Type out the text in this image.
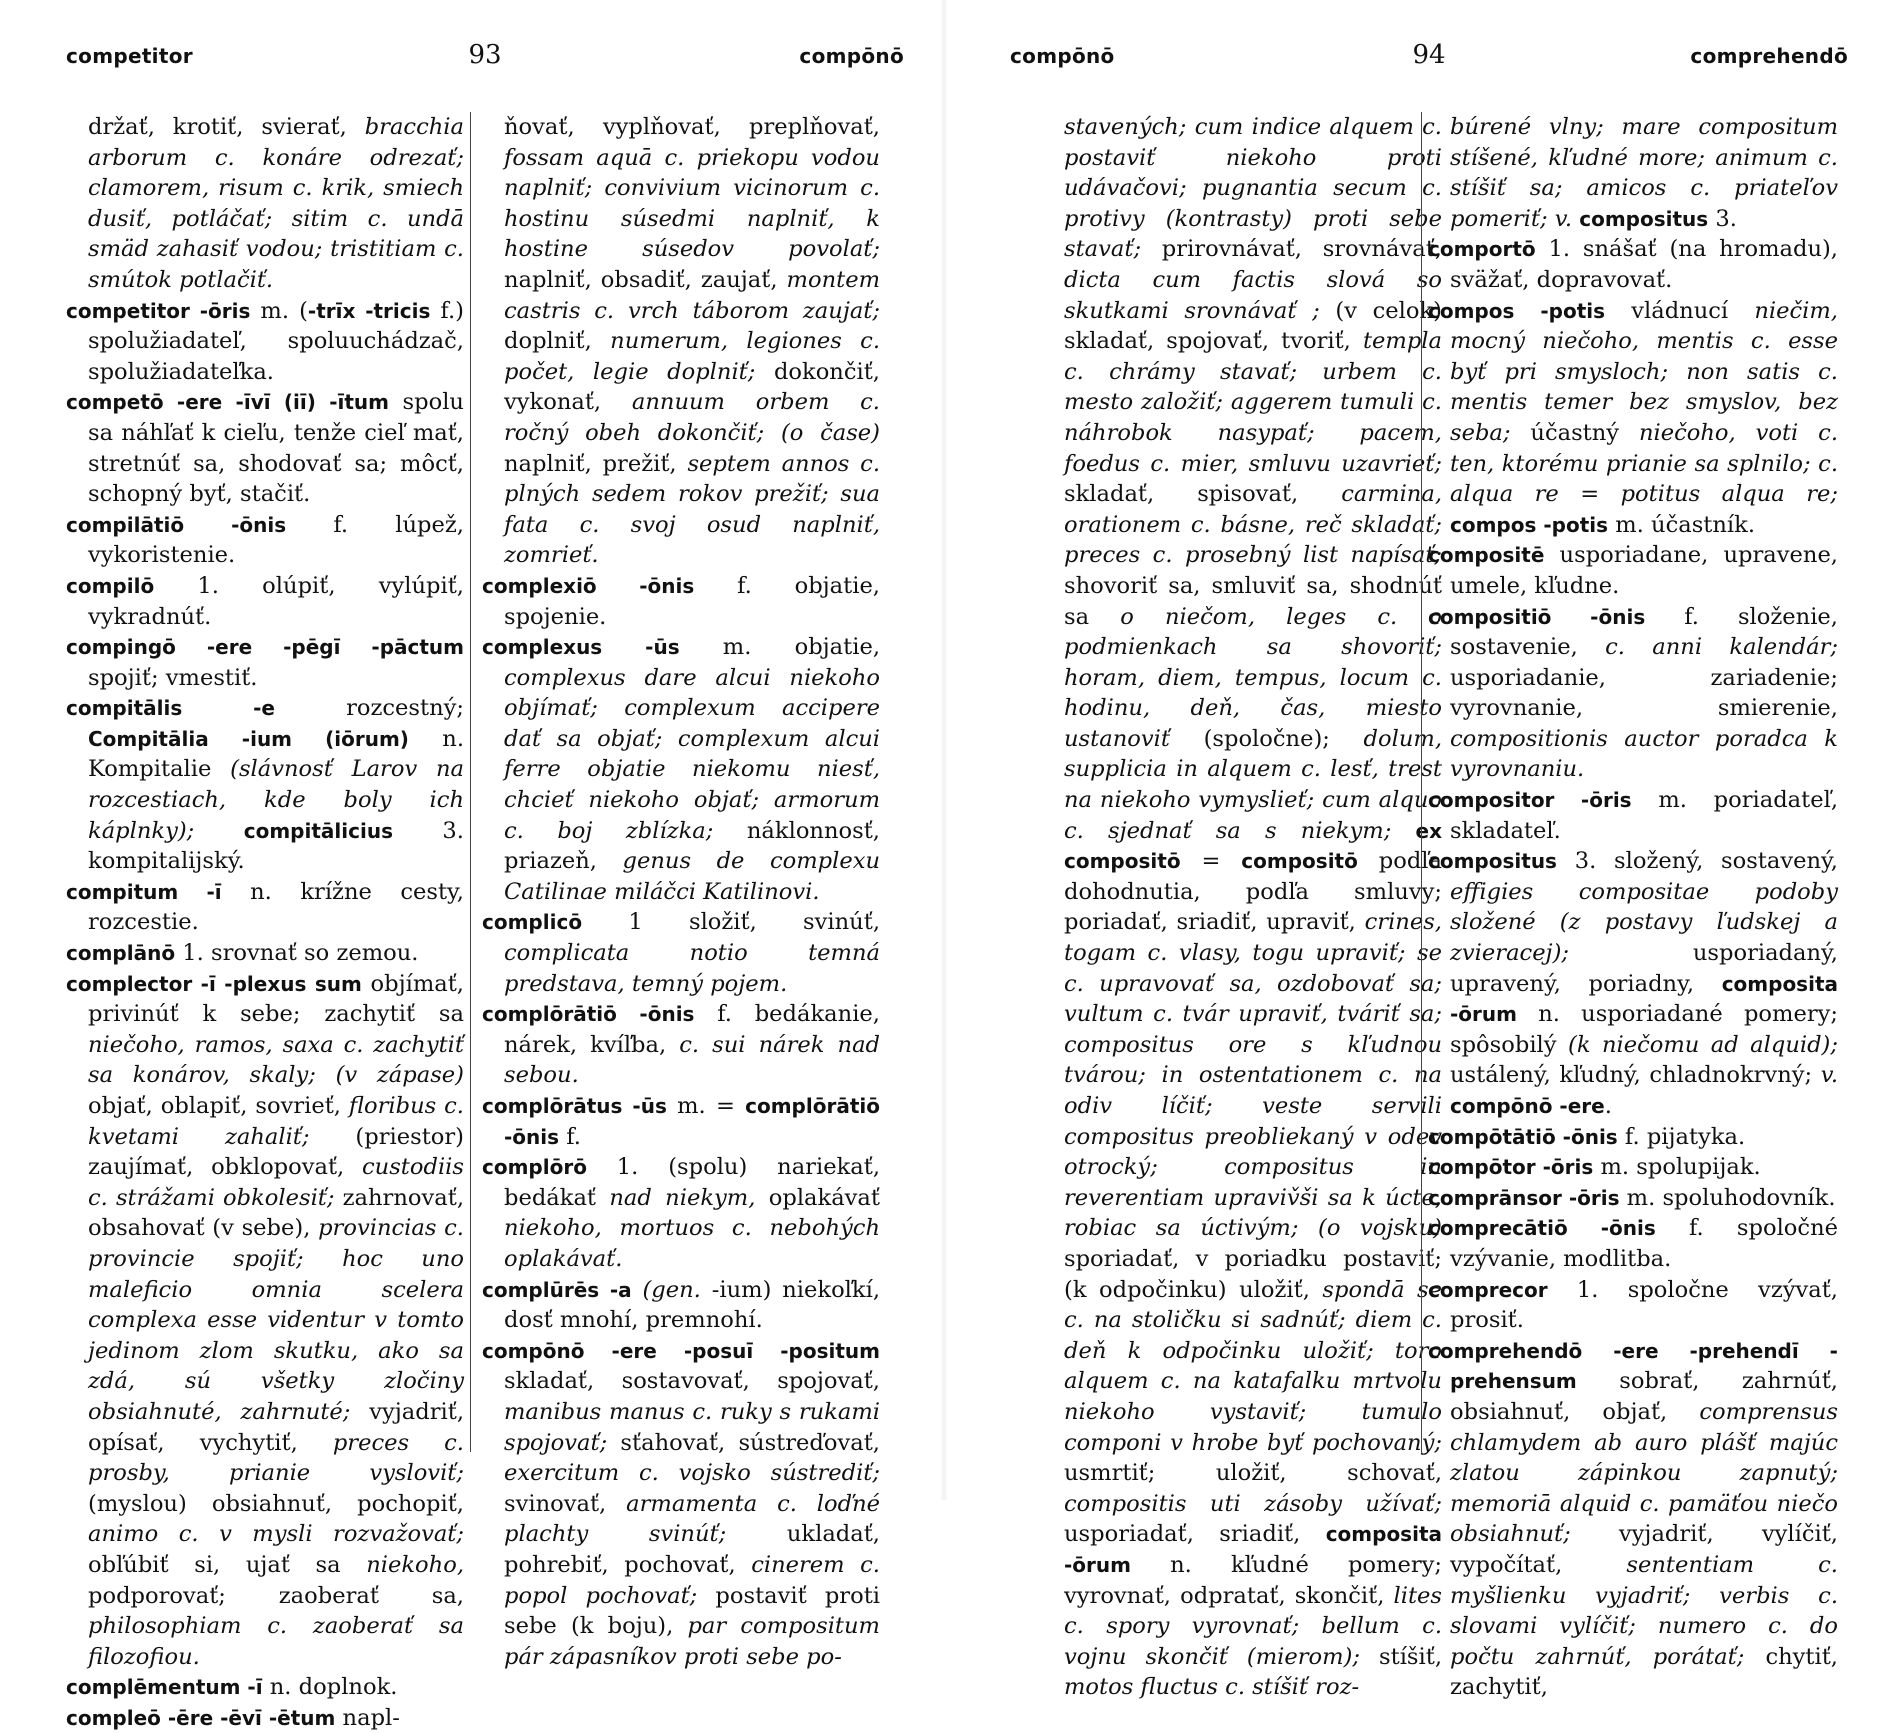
competitor	93	compōnō

držať, krotiť, svierať, bracchia arborum c. konáre odrezať; clamorem, risum c. krik, smiech dusiť, potláčať; sitim c. undā smäd zahasiť vodou; tristitiam c. smútok potlačiť.

competitor -ōris m. (-trīx -tricis f.) spolužiadateľ, spoluuchádzač, spolužiadateľka.

competō -ere -īvī (iī) -ītum spolu sa náhľať k cieľu, tenže cieľ mať, stretnúť sa, shodovať sa; môcť, schopný byť, stačiť.

compilātiō -ōnis f. lúpež, vykoristenie.

compilō 1. olúpiť, vylúpiť, vykradnúť.

compingō -ere -pēgī -pāctum spojiť; vmestiť.

compitālis -e rozcestný; Compitālia -ium (iōrum) n. Kompitalie (slávnosť Larov na rozcestiach, kde boly ich káplnky); compitālicius 3. kompitalijský.

compitum -ī n. krížne cesty, rozcestie.

complānō 1. srovnať so zemou.

complector -ī -plexus sum objímať, privinúť k sebe; zachytiť sa niečoho, ramos, saxa c. zachytiť sa konárov, skaly; (v zápase) objať, oblapiť, sovrieť, floribus c. kvetami zahaliť; (priestor) zaujímať, obklopovať, custodiis c. strážami obkolesiť; zahrnovať, obsahovať (v sebe), provincias c. provincie spojiť; hoc uno maleficio omnia scelera complexa esse videntur v tomto jedinom zlom skutku, ako sa zdá, sú všetky zločiny obsiahnuté, zahrnuté; vyjadriť, opísať, vychytiť, preces c. prosby, prianie vysloviť; (myslou) obsiahnuť, pochopiť, animo c. v mysli rozvažovať; obľúbiť si, ujať sa niekoho, podporovať; zaoberať sa, philosophiam c. zaoberať sa filozofiou.

complēmentum -ī n. doplnok.

compleō -ēre -ēvī -ētum napl-

ňovať, vyplňovať, preplňovať, fossam aquā c. priekopu vodou naplniť; convivium vicinorum c. hostinu súsedmi naplniť, k hostine súsedov povolať; naplniť, obsadiť, zaujať, montem castris c. vrch táborom zaujať; doplniť, numerum, legiones c. počet, legie doplniť; dokončiť, vykonať, annuum orbem c. ročný obeh dokončiť; (o čase) naplniť, prežiť, septem annos c. plných sedem rokov prežiť; sua fata c. svoj osud naplniť, zomrieť.

complexiō -ōnis f. objatie, spojenie.

complexus -ūs m. objatie, complexus dare alcui niekoho objímať; complexum accipere dať sa objať; complexum alcui ferre objatie niekomu niesť, chcieť niekoho objať; armorum c. boj zblízka; náklonnosť, priazeň, genus de complexu Catilinae miláčci Katilinovi.

complicō 1 složiť, svinúť, complicata notio temná predstava, temný pojem.

complōrātiō -ōnis f. bedákanie, nárek, kvíľba, c. sui nárek nad sebou.

complōrātus -ūs m. = complōrātiō -ōnis f.

complōrō 1. (spolu) nariekať, bedákať nad niekym, oplakávať niekoho, mortuos c. nebohých oplakávať.

complūrēs -a (gen. -ium) niekoľkí, dosť mnohí, premnohí.

compōnō -ere -posuī -positum skladať, sostavovať, spojovať, manibus manus c. ruky s rukami spojovať; sťahovať, sústreďovať, exercitum c. vojsko sústrediť; svinovať, armamenta c. loďné plachty svinúť; ukladať, pohrebiť, pochovať, cinerem c. popol pochovať; postaviť proti sebe (k boju), par compositum pár zápasníkov proti sebe po-

compōnō	94	comprehendō

stavených; cum indice alquem c. postaviť niekoho proti udávačovi; pugnantia secum c. protivy (kontrasty) proti sebe stavať; prirovnávať, srovnávať, dicta cum factis slová so skutkami srovnávať ; (v celok) skladať, spojovať, tvoriť, templa c. chrámy stavať; urbem c. mesto založiť; aggerem tumuli c. náhrobok nasypať; pacem, foedus c. mier, smluvu uzavrieť; skladať, spisovať, carmina, orationem c. básne, reč skladať; preces c. prosebný list napísať; shovoriť sa, smluviť sa, shodnúť sa o niečom, leges c. o podmienkach sa shovoriť; horam, diem, tempus, locum c. hodinu, deň, čas, miesto ustanoviť (spoločne); dolum, supplicia in alquem c. lesť, trest na niekoho vymyslieť; cum alquo c. sjednať sa s niekym; ex compositō = compositō podľa dohodnutia, podľa smluvy; poriadať, sriadiť, upraviť, crines, togam c. vlasy, togu upraviť; se c. upravovať sa, ozdobovať sa; vultum c. tvár upraviť, tváriť sa; compositus ore s kľudnou tvárou; in ostentationem c. na odiv líčiť; veste servili compositus preobliekaný v odev otrocký; compositus in reverentiam upraviv̌ši sa k úcte, robiac sa úctivým; (o vojsku) sporiadať, v poriadku postaviť; (k odpočinku) uložiť, spondā se c. na stoličku si sadnúť; diem c. deň k odpočinku uložiť; toro alquem c. na katafalku mrtvolu niekoho vystaviť; tumulo componi v hrobe byť pochovaný; usmrtiť; uložiť, schovať, compositis uti zásoby užívať; usporiadať, sriadiť, composita -ōrum n. kľudné pomery; vyrovnať, odpratať, skončiť, lites c. spory vyrovnať; bellum c. vojnu skončiť (mierom); stíšiť, motos fluctus c. stíšiť roz-

búrené vlny; mare compositum stíšené, kľudné more; animum c. stíšiť sa; amicos c. priateľov pomeriť; v. compositus 3.

comportō 1. snášať (na hromadu), sväžať, dopravovať.

compos -potis vládnucí niečim, mocný niečoho, mentis c. esse byť pri smysloch; non satis c. mentis temer bez smyslov, bez seba; účastný niečoho, voti c. ten, ktorému prianie sa splnilo; c. alqua re = potitus alqua re; compos -potis m. účastník.

compositē usporiadane, upravene, umele, kľudne.

compositiō -ōnis f. složenie, sostavenie, c. anni kalendár; usporiadanie, zariadenie; vyrovnanie, smierenie, compositionis auctor poradca k vyrovnaniu.

compositor -ōris m. poriadateľ, skladateľ.

compositus 3. složený, sostavený, effigies compositae podoby složené (z postavy ľudskej a zvieracej); usporiadaný, upravený, poriadny, composita -ōrum n. usporiadané pomery; spôsobilý (k niečomu ad alquid); ustálený, kľudný, chladnokrvný; v. compōnō -ere.

compōtātiō -ōnis f. pijatyka.

compōtor -ōris m. spolupijak.

comprānsor -ōris m. spoluhodovník.

comprecātiō -ōnis f. spoločné vzývanie, modlitba.

comprecor 1. spoločne vzývať, prosiť.

comprehendō -ere -prehendī -prehensum sobrať, zahrnúť, obsiahnuť, objať, comprensus chlamydem ab auro plášť majúc zlatou zápinkou zapnutý; memoriā alquid c. pamäťou niečo obsiahnuť; vyjadriť, vylíčiť, vypočítať, sententiam c. myšlienku vyjadriť; verbis c. slovami vylíčiť; numero c. do počtu zahrnúť, porátať; chytiť, zachytiť,
